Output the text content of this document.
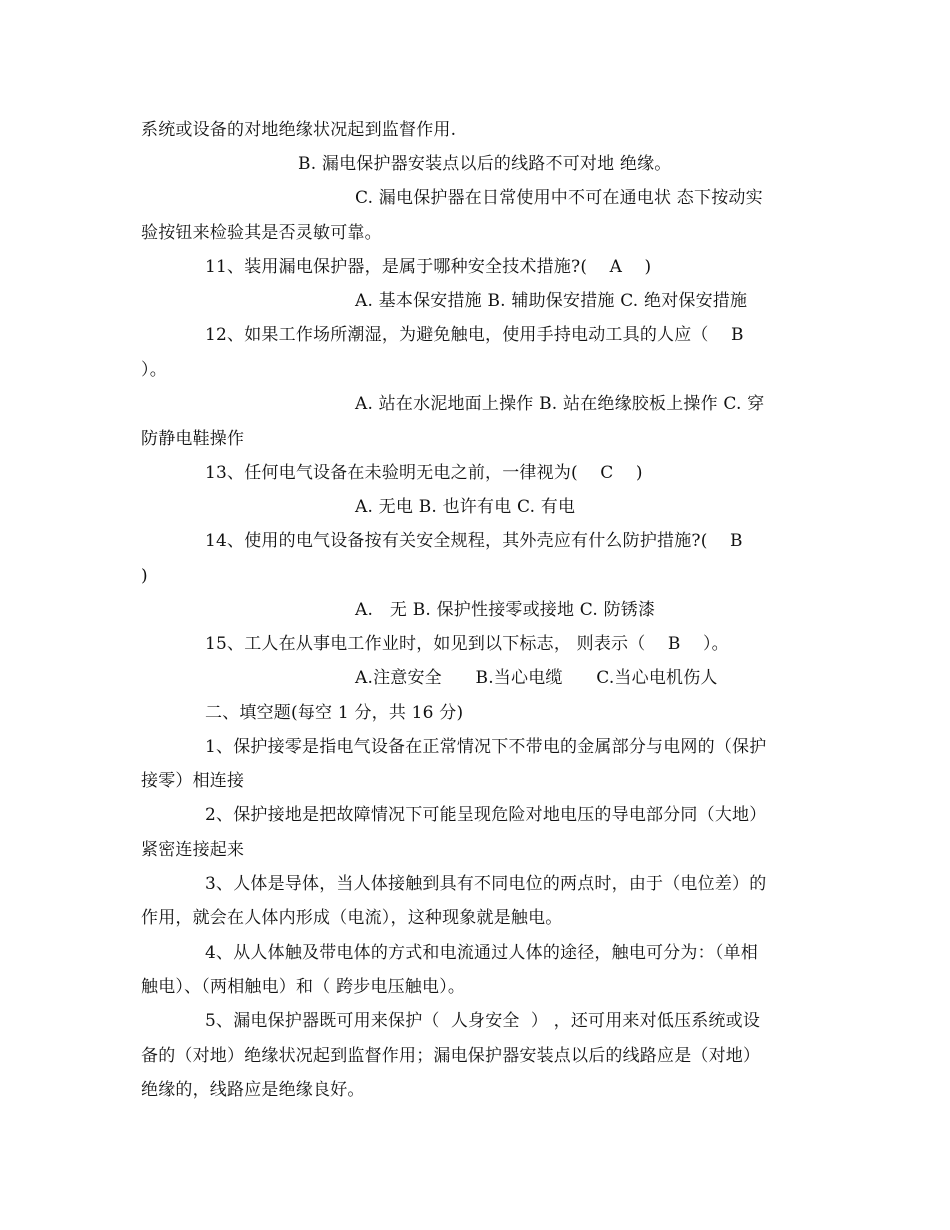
系统或设备的对地绝缘状况起到监督作用.
B. 漏电保护器安装点以后的线路不可对地 绝缘。
C. 漏电保护器在日常使用中不可在通电状 态下按动实
验按钮来检验其是否灵敏可靠。
11、装用漏电保护器，是属于哪种安全技术措施?(    A    )
A. 基本保安措施 B. 辅助保安措施 C. 绝对保安措施
12、如果工作场所潮湿，为避免触电，使用手持电动工具的人应（    B
）。
A. 站在水泥地面上操作 B. 站在绝缘胶板上操作 C. 穿
防静电鞋操作
13、任何电气设备在未验明无电之前，一律视为(    C    )
A. 无电 B. 也许有电 C. 有电
14、使用的电气设备按有关安全规程，其外壳应有什么防护措施?(    B
)
A.   无 B. 保护性接零或接地 C. 防锈漆
15、工人在从事电工作业时，如见到以下标志， 则表示（    B    ）。
A.注意安全      B.当心电缆      C.当心电机伤人
二、填空题(每空 1 分，共 16 分)
1、保护接零是指电气设备在正常情况下不带电的金属部分与电网的（保护
接零）相连接
2、保护接地是把故障情况下可能呈现危险对地电压的导电部分同（大地）
紧密连接起来
3、人体是导体，当人体接触到具有不同电位的两点时，由于（电位差）的
作用，就会在人体内形成（电流），这种现象就是触电。
4、从人体触及带电体的方式和电流通过人体的途径，触电可分为：（单相
触电）、（两相触电）和（ 跨步电压触电）。
5、漏电保护器既可用来保护（  人身安全  ） ，还可用来对低压系统或设
备的（对地）绝缘状况起到监督作用；漏电保护器安装点以后的线路应是（对地）
绝缘的，线路应是绝缘良好。
